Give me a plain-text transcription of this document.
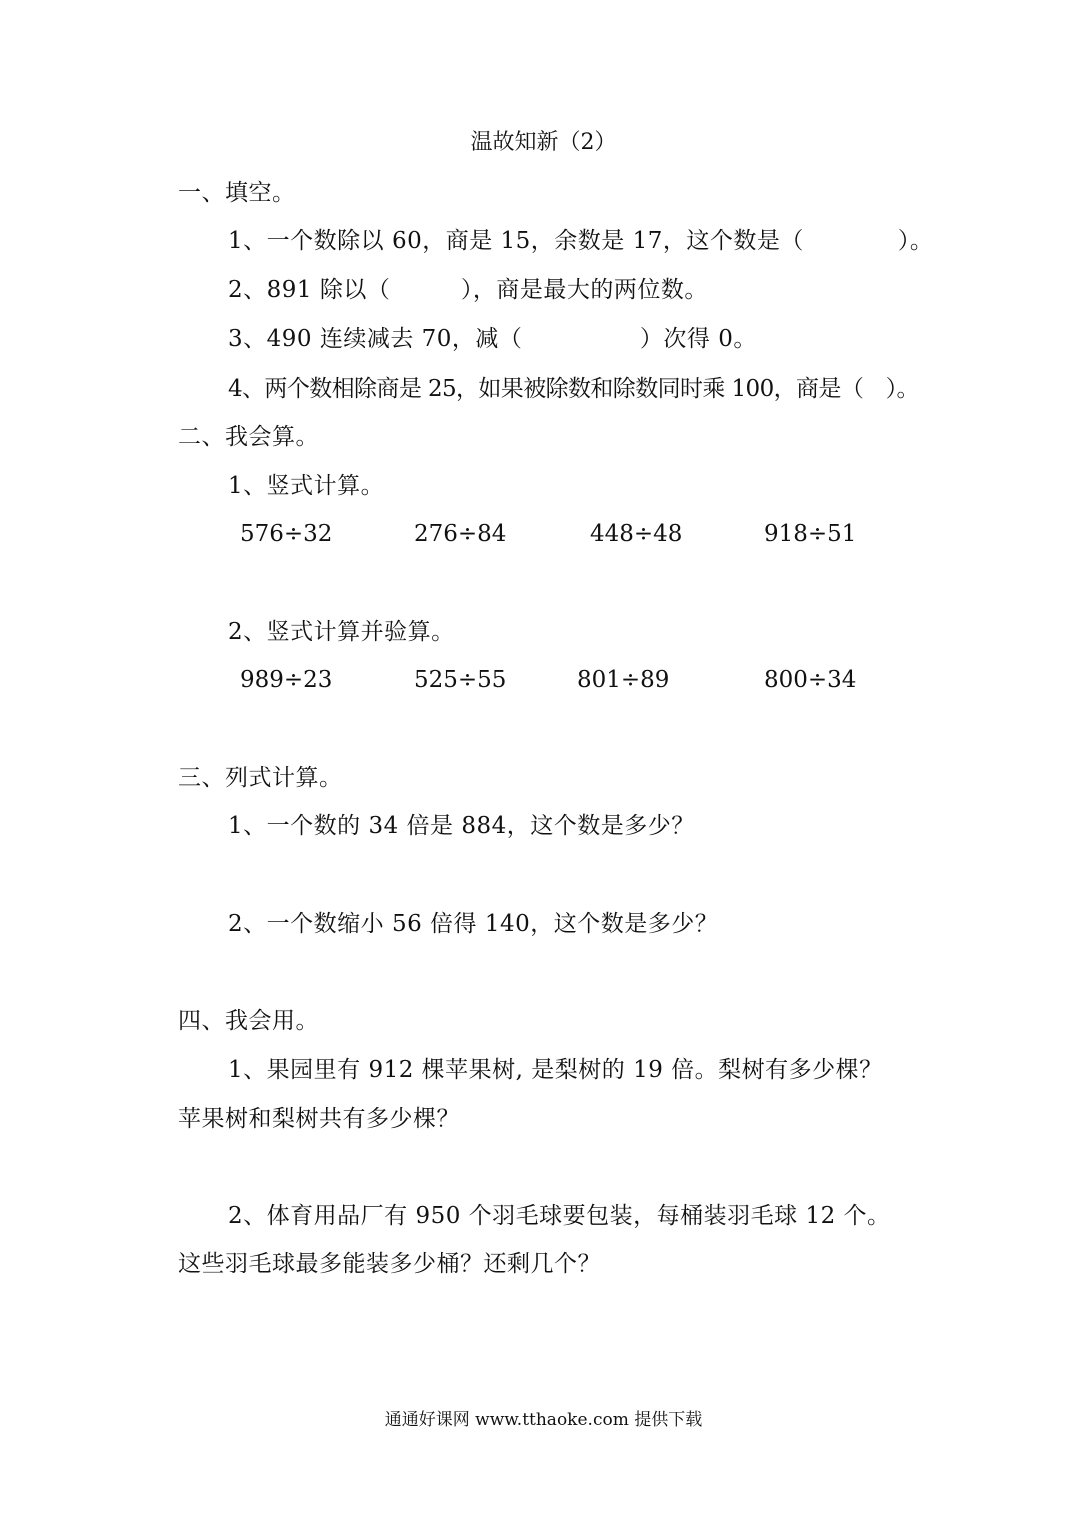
温故知新（2）
一、填空。
1、一个数除以 60，商是 15，余数是 17，这个数是（　　　　）。
2、891 除以（　　　），商是最大的两位数。
3、490 连续减去 70，减（　　　　　）次得 0。
4、两个数相除商是 25，如果被除数和除数同时乘 100，商是（　）。
二、我会算。
1、竖式计算。
576÷32	276÷84	448÷48	918÷51
2、竖式计算并验算。
989÷23	525÷55	801÷89	800÷34
三、列式计算。
1、一个数的 34 倍是 884，这个数是多少？
2、一个数缩小 56 倍得 140，这个数是多少？
四、我会用。
1、果园里有 912 棵苹果树, 是梨树的 19 倍。梨树有多少棵？
苹果树和梨树共有多少棵？
2、体育用品厂有 950 个羽毛球要包装，每桶装羽毛球 12 个。
这些羽毛球最多能装多少桶？还剩几个？
通通好课网 www.tthaoke.com 提供下载
